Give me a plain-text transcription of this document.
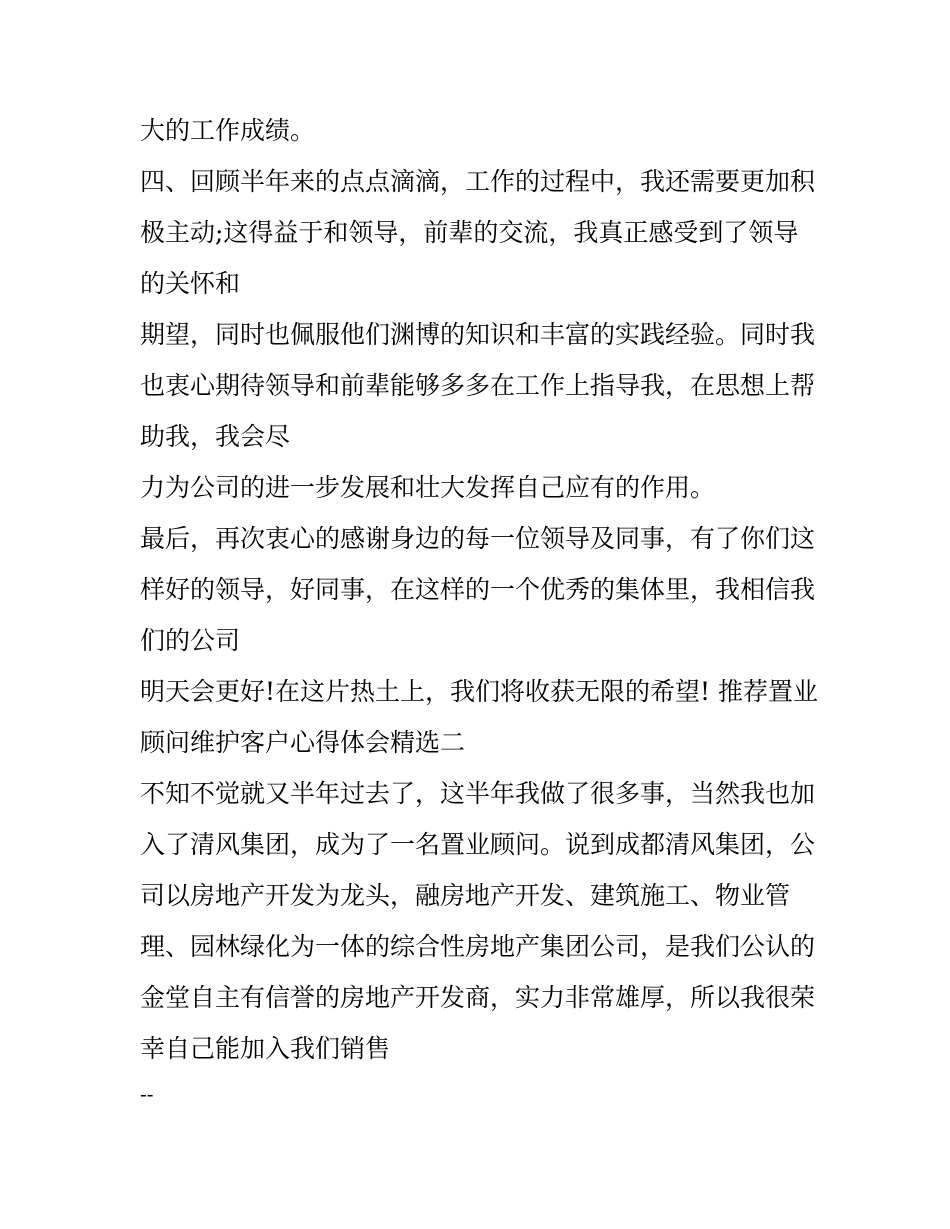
大的工作成绩。
四、回顾半年来的点点滴滴，工作的过程中，我还需要更加积
极主动;这得益于和领导，前辈的交流，我真正感受到了领导
的关怀和
期望，同时也佩服他们渊博的知识和丰富的实践经验。同时我
也衷心期待领导和前辈能够多多在工作上指导我，在思想上帮
助我，我会尽
力为公司的进一步发展和壮大发挥自己应有的作用。
最后，再次衷心的感谢身边的每一位领导及同事，有了你们这
样好的领导，好同事，在这样的一个优秀的集体里，我相信我
们的公司
明天会更好!在这片热土上，我们将收获无限的希望! 推荐置业
顾问维护客户心得体会精选二
不知不觉就又半年过去了，这半年我做了很多事，当然我也加
入了清风集团，成为了一名置业顾问。说到成都清风集团，公
司以房地产开发为龙头，融房地产开发、建筑施工、物业管
理、园林绿化为一体的综合性房地产集团公司，是我们公认的
金堂自主有信誉的房地产开发商，实力非常雄厚，所以我很荣
幸自己能加入我们销售
--
